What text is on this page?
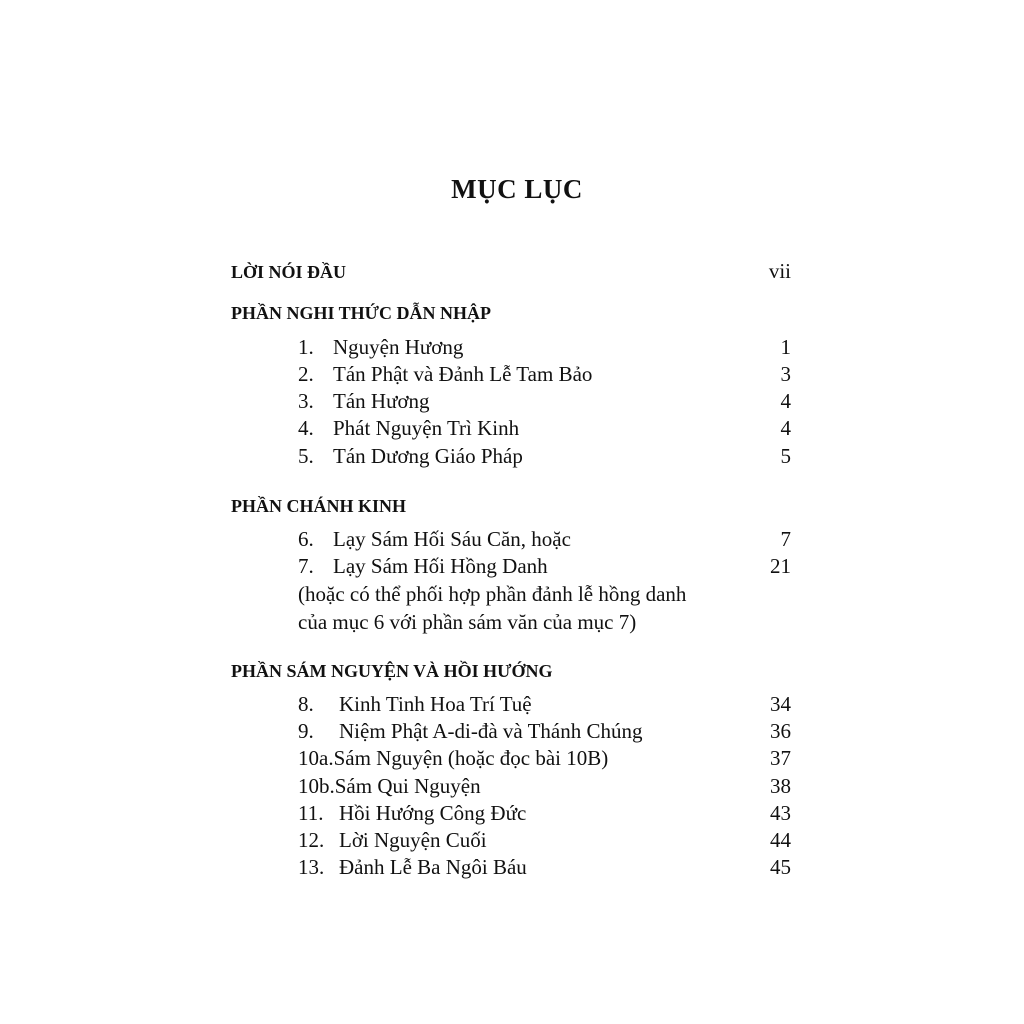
MỤC LỤC
LỜI NÓI ĐẦU	vii
PHẦN NGHI THỨC DẪN NHẬP
1. Nguyện Hương	1
2. Tán Phật và Đảnh Lễ Tam Bảo	3
3. Tán Hương	4
4. Phát Nguyện Trì Kinh	4
5. Tán Dương Giáo Pháp	5
PHẦN CHÁNH KINH
6. Lạy Sám Hối Sáu Căn, hoặc	7
7. Lạy Sám Hối Hồng Danh	21
(hoặc có thể phối hợp phần đảnh lễ hồng danh
của mục 6 với phần sám văn của mục 7)
PHẦN SÁM NGUYỆN VÀ HỒI HƯỚNG
8. Kinh Tinh Hoa Trí Tuệ	34
9. Niệm Phật A-di-đà và Thánh Chúng	36
10a.Sám Nguyện (hoặc đọc bài 10B)	37
10b.Sám Qui Nguyện	38
11. Hồi Hướng Công Đức	43
12. Lời Nguyện Cuối	44
13. Đảnh Lễ Ba Ngôi Báu	45
